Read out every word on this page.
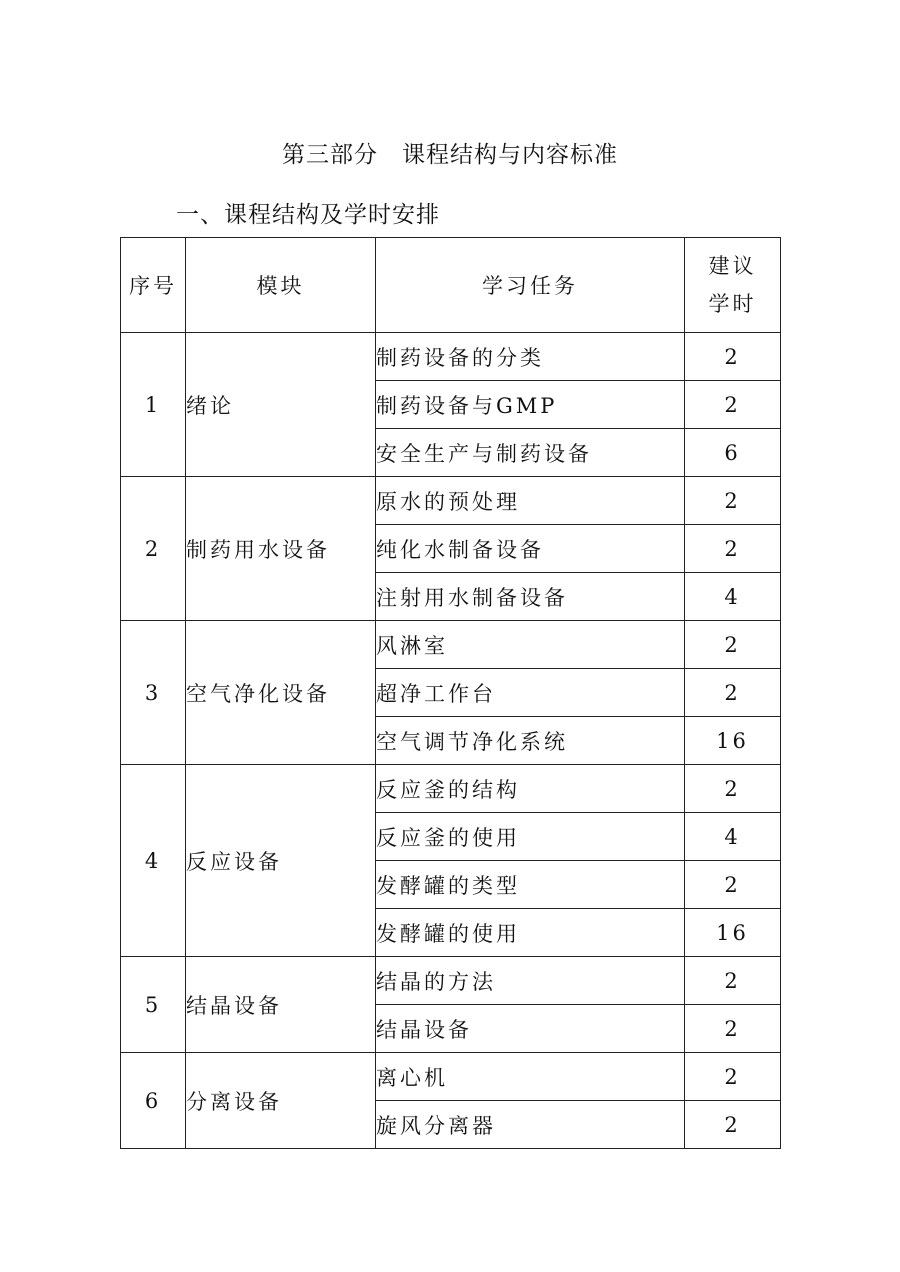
第三部分　课程结构与内容标准
一、课程结构及学时安排
序号	模块	学习任务	建议
学时

1	绪论	制药设备的分类	2
		制药设备与GMP	2
		安全生产与制药设备	6
2	制药用水设备	原水的预处理	2
		纯化水制备设备	2
		注射用水制备设备	4
3	空气净化设备	风淋室	2
		超净工作台	2
		空气调节净化系统	16
4	反应设备	反应釜的结构	2
		反应釜的使用	4
		发酵罐的类型	2
		发酵罐的使用	16
5	结晶设备	结晶的方法	2
		结晶设备	2
6	分离设备	离心机	2
		旋风分离器	2
